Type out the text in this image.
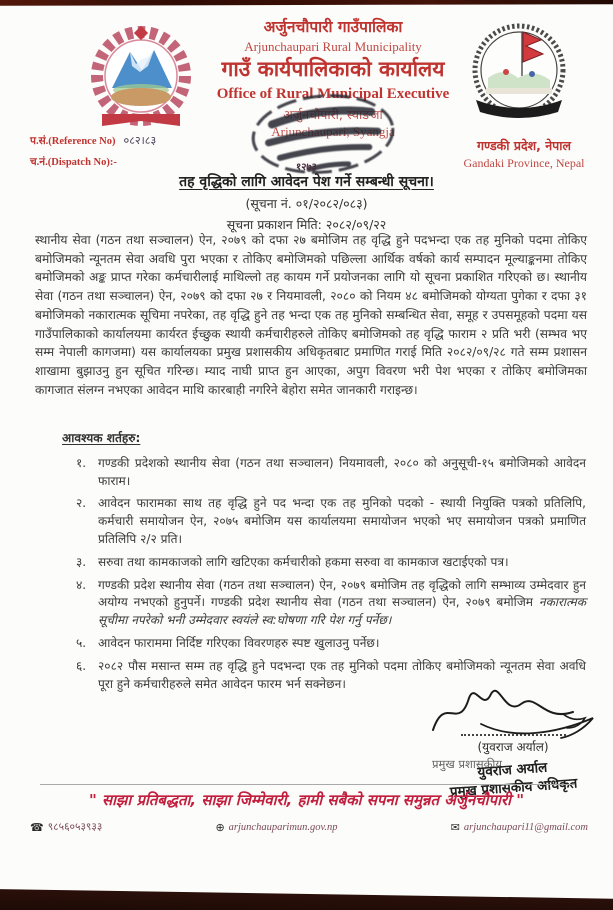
अर्जुनचौपारी गाउँपालिका
Arjunchaupari Rural Municipality
गाउँ कार्यपालिकाको कार्यालय
Office of Rural Municipal Executive
अर्जुनचौपारी, स्याङजा
Arjunchaupari, Syangja
१२७३
गण्डकी प्रदेश, नेपाल
Gandaki Province, Nepal
प.सं.(Reference No) ०८२।८३
च.नं.(Dispatch No):-
तह वृद्धिको लागि आवेदन पेश गर्ने सम्बन्धी सूचना।
(सूचना नं. ०१/२०८२/०८३)
सूचना प्रकाशन मिति: २०८२/०९/२२
स्थानीय सेवा (गठन तथा सञ्चालन) ऐन, २०७९ को दफा २७ बमोजिम तह वृद्धि हुने पदभन्दा एक तह मुनिको पदमा तोकिए बमोजिमको न्यूनतम सेवा अवधि पुरा भएका र तोकिए बमोजिमको पछिल्ला आर्थिक वर्षको कार्य सम्पादन मूल्याङ्कनमा तोकिए बमोजिमको अङ्क प्राप्त गरेका कर्मचारीलाई माथिल्लो तह कायम गर्ने प्रयोजनका लागि यो सूचना प्रकाशित गरिएको छ। स्थानीय सेवा (गठन तथा सञ्चालन) ऐन, २०७९ को दफा २७ र नियमावली, २०८० को नियम ४८ बमोजिमको योग्यता पुगेका र दफा ३१ बमोजिमको नकारात्मक सूचिमा नपरेका, तह वृद्धि हुने तह भन्दा एक तह मुनिको सम्बन्धित सेवा, समूह र उपसमूहको पदमा यस गाउँपालिकाको कार्यालयमा कार्यरत ईच्छुक स्थायी कर्मचारीहरुले तोकिए बमोजिमको तह वृद्धि फाराम २ प्रति भरी (सम्भव भए सम्म नेपाली कागजमा) यस कार्यालयका प्रमुख प्रशासकीय अधिकृतबाट प्रमाणित गराई मिति २०८२/०९/२८ गते सम्म प्रशासन शाखामा बुझाउनु हुन सूचित गरिन्छ। म्याद नाघी प्राप्त हुन आएका, अपुग विवरण भरी पेश भएका र तोकिए बमोजिमका कागजात संलग्न नभएका आवेदन माथि कारबाही नगरिने बेहोरा समेत जानकारी गराइन्छ।
आवश्यक शर्तहरु:
१. गण्डकी प्रदेशको स्थानीय सेवा (गठन तथा सञ्चालन) नियमावली, २०८० को अनुसूची-१५ बमोजिमको आवेदन फाराम।
२. आवेदन फारामका साथ तह वृद्धि हुने पद भन्दा एक तह मुनिको पदको - स्थायी नियुक्ति पत्रको प्रतिलिपि, कर्मचारी समायोजन ऐन, २०७५ बमोजिम यस कार्यालयमा समायोजन भएको भए समायोजन पत्रको प्रमाणित प्रतिलिपि २/२ प्रति।
३. सरुवा तथा कामकाजको लागि खटिएका कर्मचारीको हकमा सरुवा वा कामकाज खटाईएको पत्र।
४. गण्डकी प्रदेश स्थानीय सेवा (गठन तथा सञ्चालन) ऐन, २०७९ बमोजिम तह वृद्धिको लागि सम्भाव्य उम्मेदवार हुन अयोग्य नभएको हुनुपर्ने। गण्डकी प्रदेश स्थानीय सेवा (गठन तथा सञ्चालन) ऐन, २०७९ बमोजिम नकारात्मक सूचीमा नपरेको भनी उम्मेदवार स्वयंले स्व:घोषणा गरि पेश गर्नु पर्नेछ।
५. आवेदन फाराममा निर्दिष्ट गरिएका विवरणहरु स्पष्ट खुलाउनु पर्नेछ।
६. २०८२ पौस मसान्त सम्म तह वृद्धि हुने पदभन्दा एक तह मुनिको पदमा तोकिए बमोजिमको न्यूनतम सेवा अवधि पूरा हुने कर्मचारीहरुले समेत आवेदन फारम भर्न सक्नेछन।
(युवराज अर्याल)
प्रमुख प्रशासकीय
युवराज अर्याल
प्रमुख प्रशासकीय अधिकृत
" साझा प्रतिबद्धता, साझा जिम्मेवारी, हामी सबैको सपना समुन्नत अर्जुनचौपारी "
☎ ९८५६०५३९३३	⊕ arjunchauparimun.gov.np	✉ arjunchaupari11@gmail.com
